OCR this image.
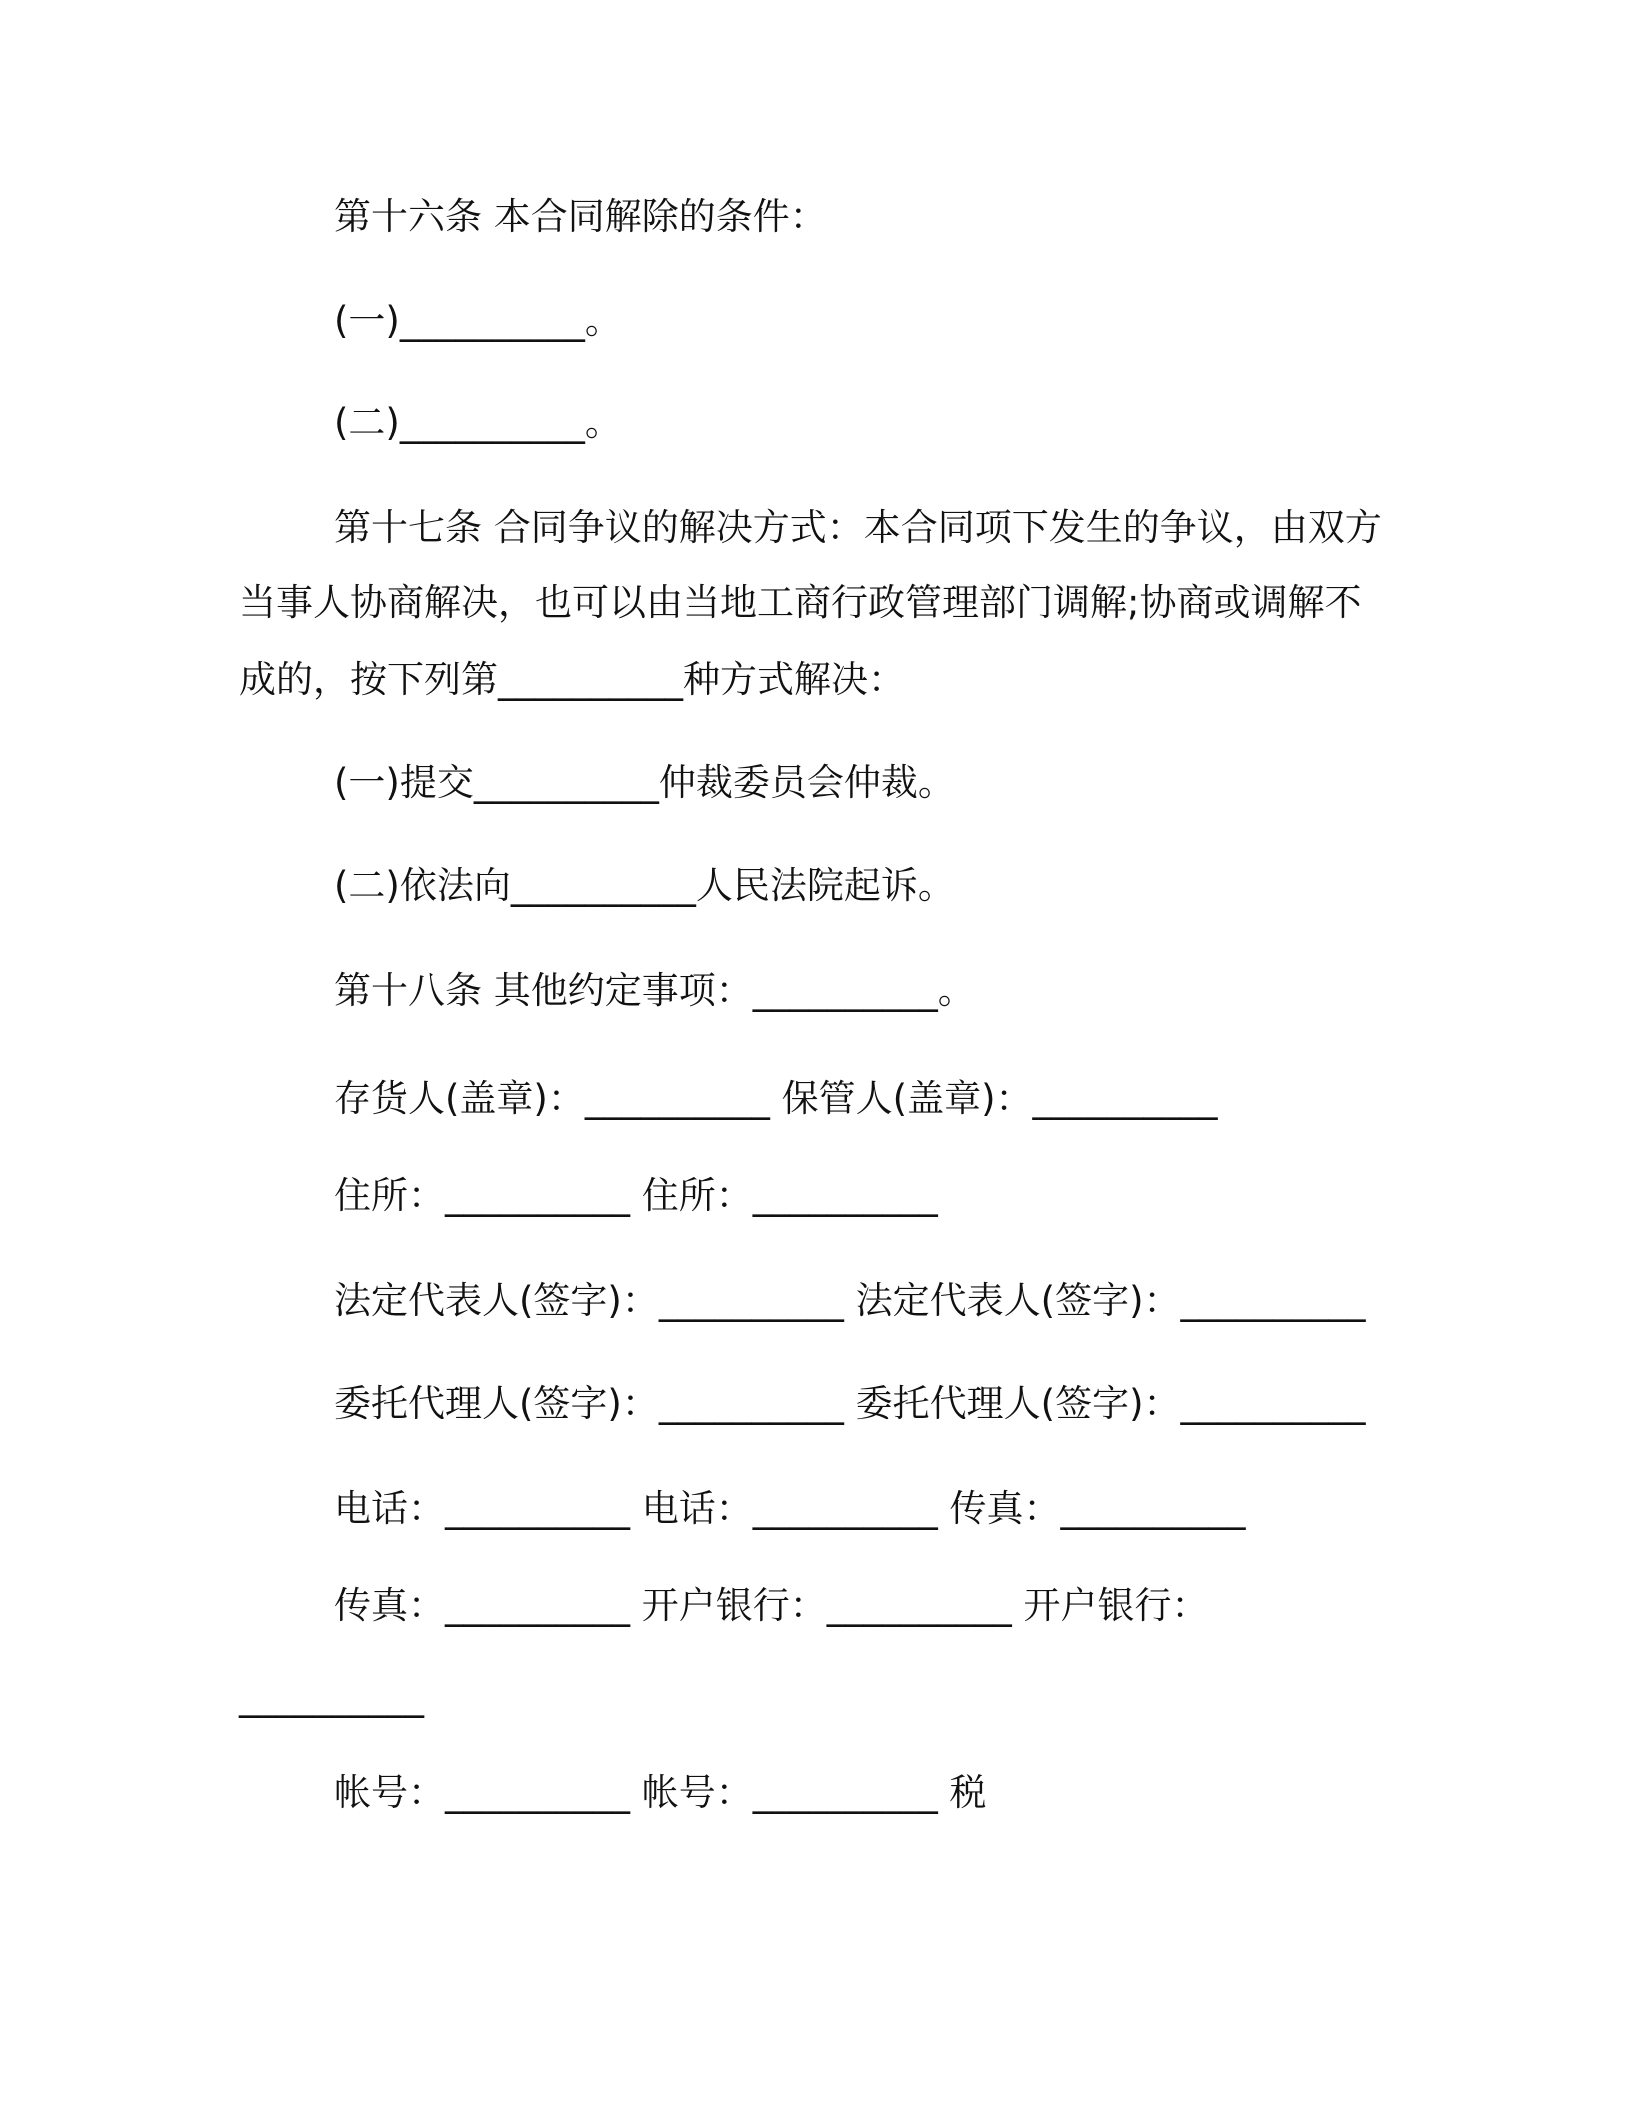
第十六条 本合同解除的条件：
(一)__________。
(二)__________。
第十七条 合同争议的解决方式：本合同项下发生的争议，由双方
当事人协商解决，也可以由当地工商行政管理部门调解;协商或调解不
成的，按下列第__________种方式解决：
(一)提交__________仲裁委员会仲裁。
(二)依法向__________人民法院起诉。
第十八条 其他约定事项：__________。
存货人(盖章)：__________ 保管人(盖章)：__________
住所：__________ 住所：__________
法定代表人(签字)：__________ 法定代表人(签字)：__________
委托代理人(签字)：__________ 委托代理人(签字)：__________
电话：__________ 电话：__________ 传真：__________
传真：__________ 开户银行：__________ 开户银行：
__________
帐号：__________ 帐号：__________ 税
